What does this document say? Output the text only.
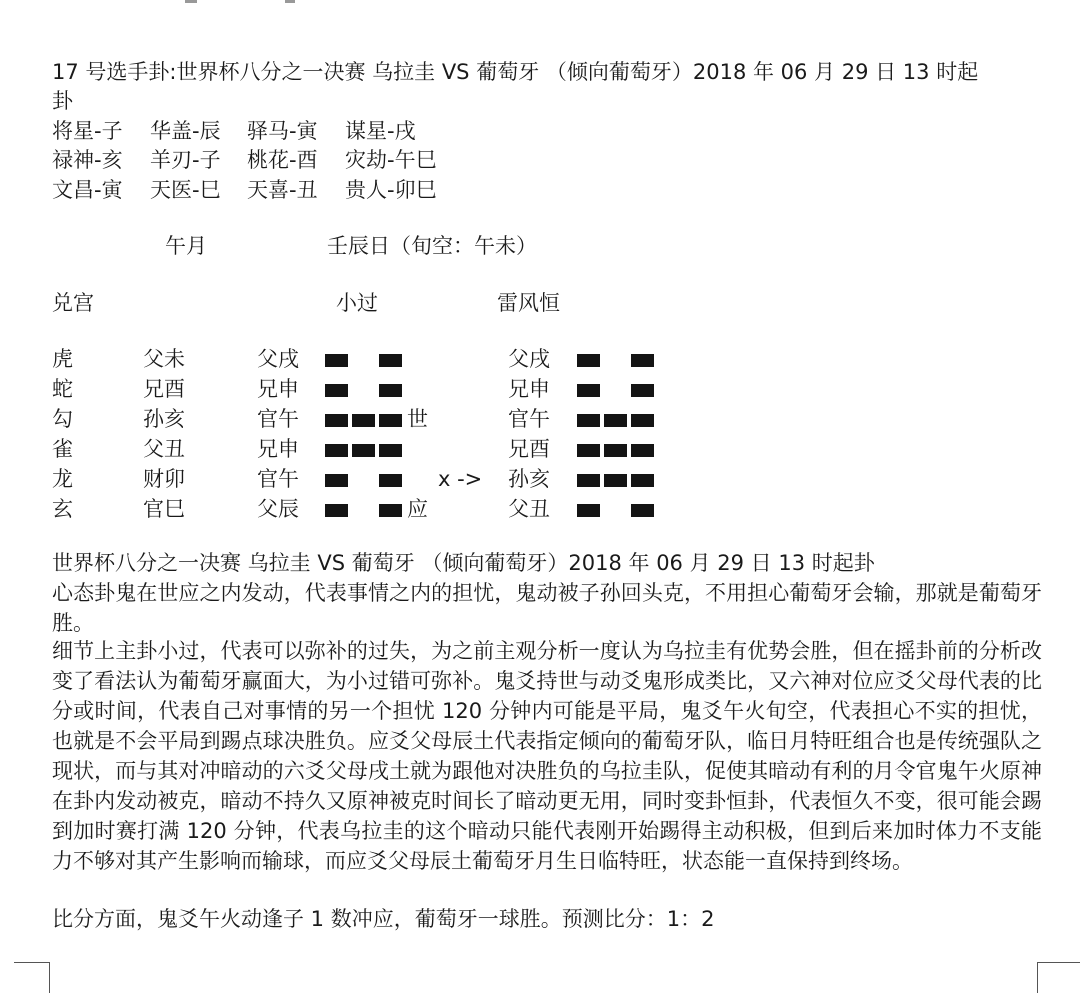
17 号选手卦:世界杯八分之一决赛 乌拉圭 VS 葡萄牙 （倾向葡萄牙）2018 年 06 月 29 日 13 时起
卦
将星-子 华盖-辰 驿马-寅 谋星-戌
禄神-亥 羊刃-子 桃花-酉 灾劫-午巳
文昌-寅 天医-巳 天喜-丑 贵人-卯巳
午月	壬辰日（旬空：午未）
兑宫	小过	雷风恒
虎	父未	父戌	父戌
蛇	兄酉	兄申	兄申
勾	孙亥	官午	世	官午
雀	父丑	兄申	兄酉
龙	财卯	官午	x -> 孙亥
玄	官巳	父辰	应	父丑
世界杯八分之一决赛 乌拉圭 VS 葡萄牙 （倾向葡萄牙）2018 年 06 月 29 日 13 时起卦
心态卦鬼在世应之内发动，代表事情之内的担忧，鬼动被子孙回头克，不用担心葡萄牙会输，那就是葡萄牙胜。
细节上主卦小过，代表可以弥补的过失，为之前主观分析一度认为乌拉圭有优势会胜，但在摇卦前的分析改变了看法认为葡萄牙赢面大，为小过错可弥补。鬼爻持世与动爻鬼形成类比，又六神对位应爻父母代表的比分或时间，代表自己对事情的另一个担忧 120 分钟内可能是平局，鬼爻午火旬空，代表担心不实的担忧，也就是不会平局到踢点球决胜负。应爻父母辰土代表指定倾向的葡萄牙队，临日月特旺组合也是传统强队之现状，而与其对冲暗动的六爻父母戌土就为跟他对决胜负的乌拉圭队，促使其暗动有利的月令官鬼午火原神在卦内发动被克，暗动不持久又原神被克时间长了暗动更无用，同时变卦恒卦，代表恒久不变，很可能会踢到加时赛打满 120 分钟，代表乌拉圭的这个暗动只能代表刚开始踢得主动积极，但到后来加时体力不支能力不够对其产生影响而输球，而应爻父母辰土葡萄牙月生日临特旺，状态能一直保持到终场。
比分方面，鬼爻午火动逢子 1 数冲应，葡萄牙一球胜。预测比分：1：2
